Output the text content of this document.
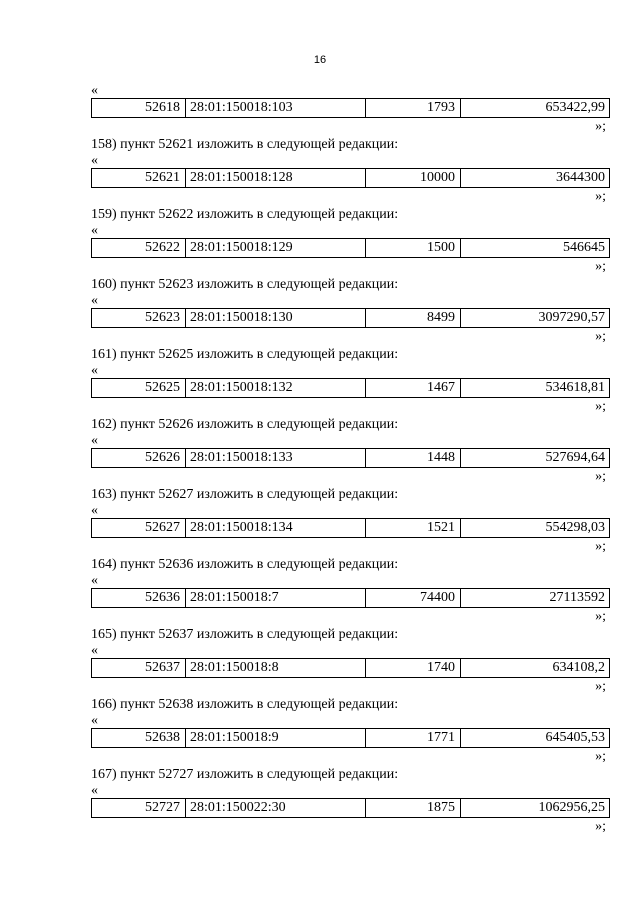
16
«
52618 28:01:150018:103	1793	653422,99
»;
158) пункт 52621 изложить в следующей редакции:
«
52621 28:01:150018:128	10000	3644300
»;
159) пункт 52622 изложить в следующей редакции:
«
52622 28:01:150018:129	1500	546645
»;
160) пункт 52623 изложить в следующей редакции:
«
52623 28:01:150018:130	8499	3097290,57
»;
161) пункт 52625 изложить в следующей редакции:
«
52625 28:01:150018:132	1467	534618,81
»;
162) пункт 52626 изложить в следующей редакции:
«
52626 28:01:150018:133	1448	527694,64
»;
163) пункт 52627 изложить в следующей редакции:
«
52627 28:01:150018:134	1521	554298,03
»;
164) пункт 52636 изложить в следующей редакции:
«
52636 28:01:150018:7	74400	27113592
»;
165) пункт 52637 изложить в следующей редакции:
«
52637 28:01:150018:8	1740	634108,2
»;
166) пункт 52638 изложить в следующей редакции:
«
52638 28:01:150018:9	1771	645405,53
»;
167) пункт 52727 изложить в следующей редакции:
«
52727 28:01:150022:30	1875	1062956,25
»;
